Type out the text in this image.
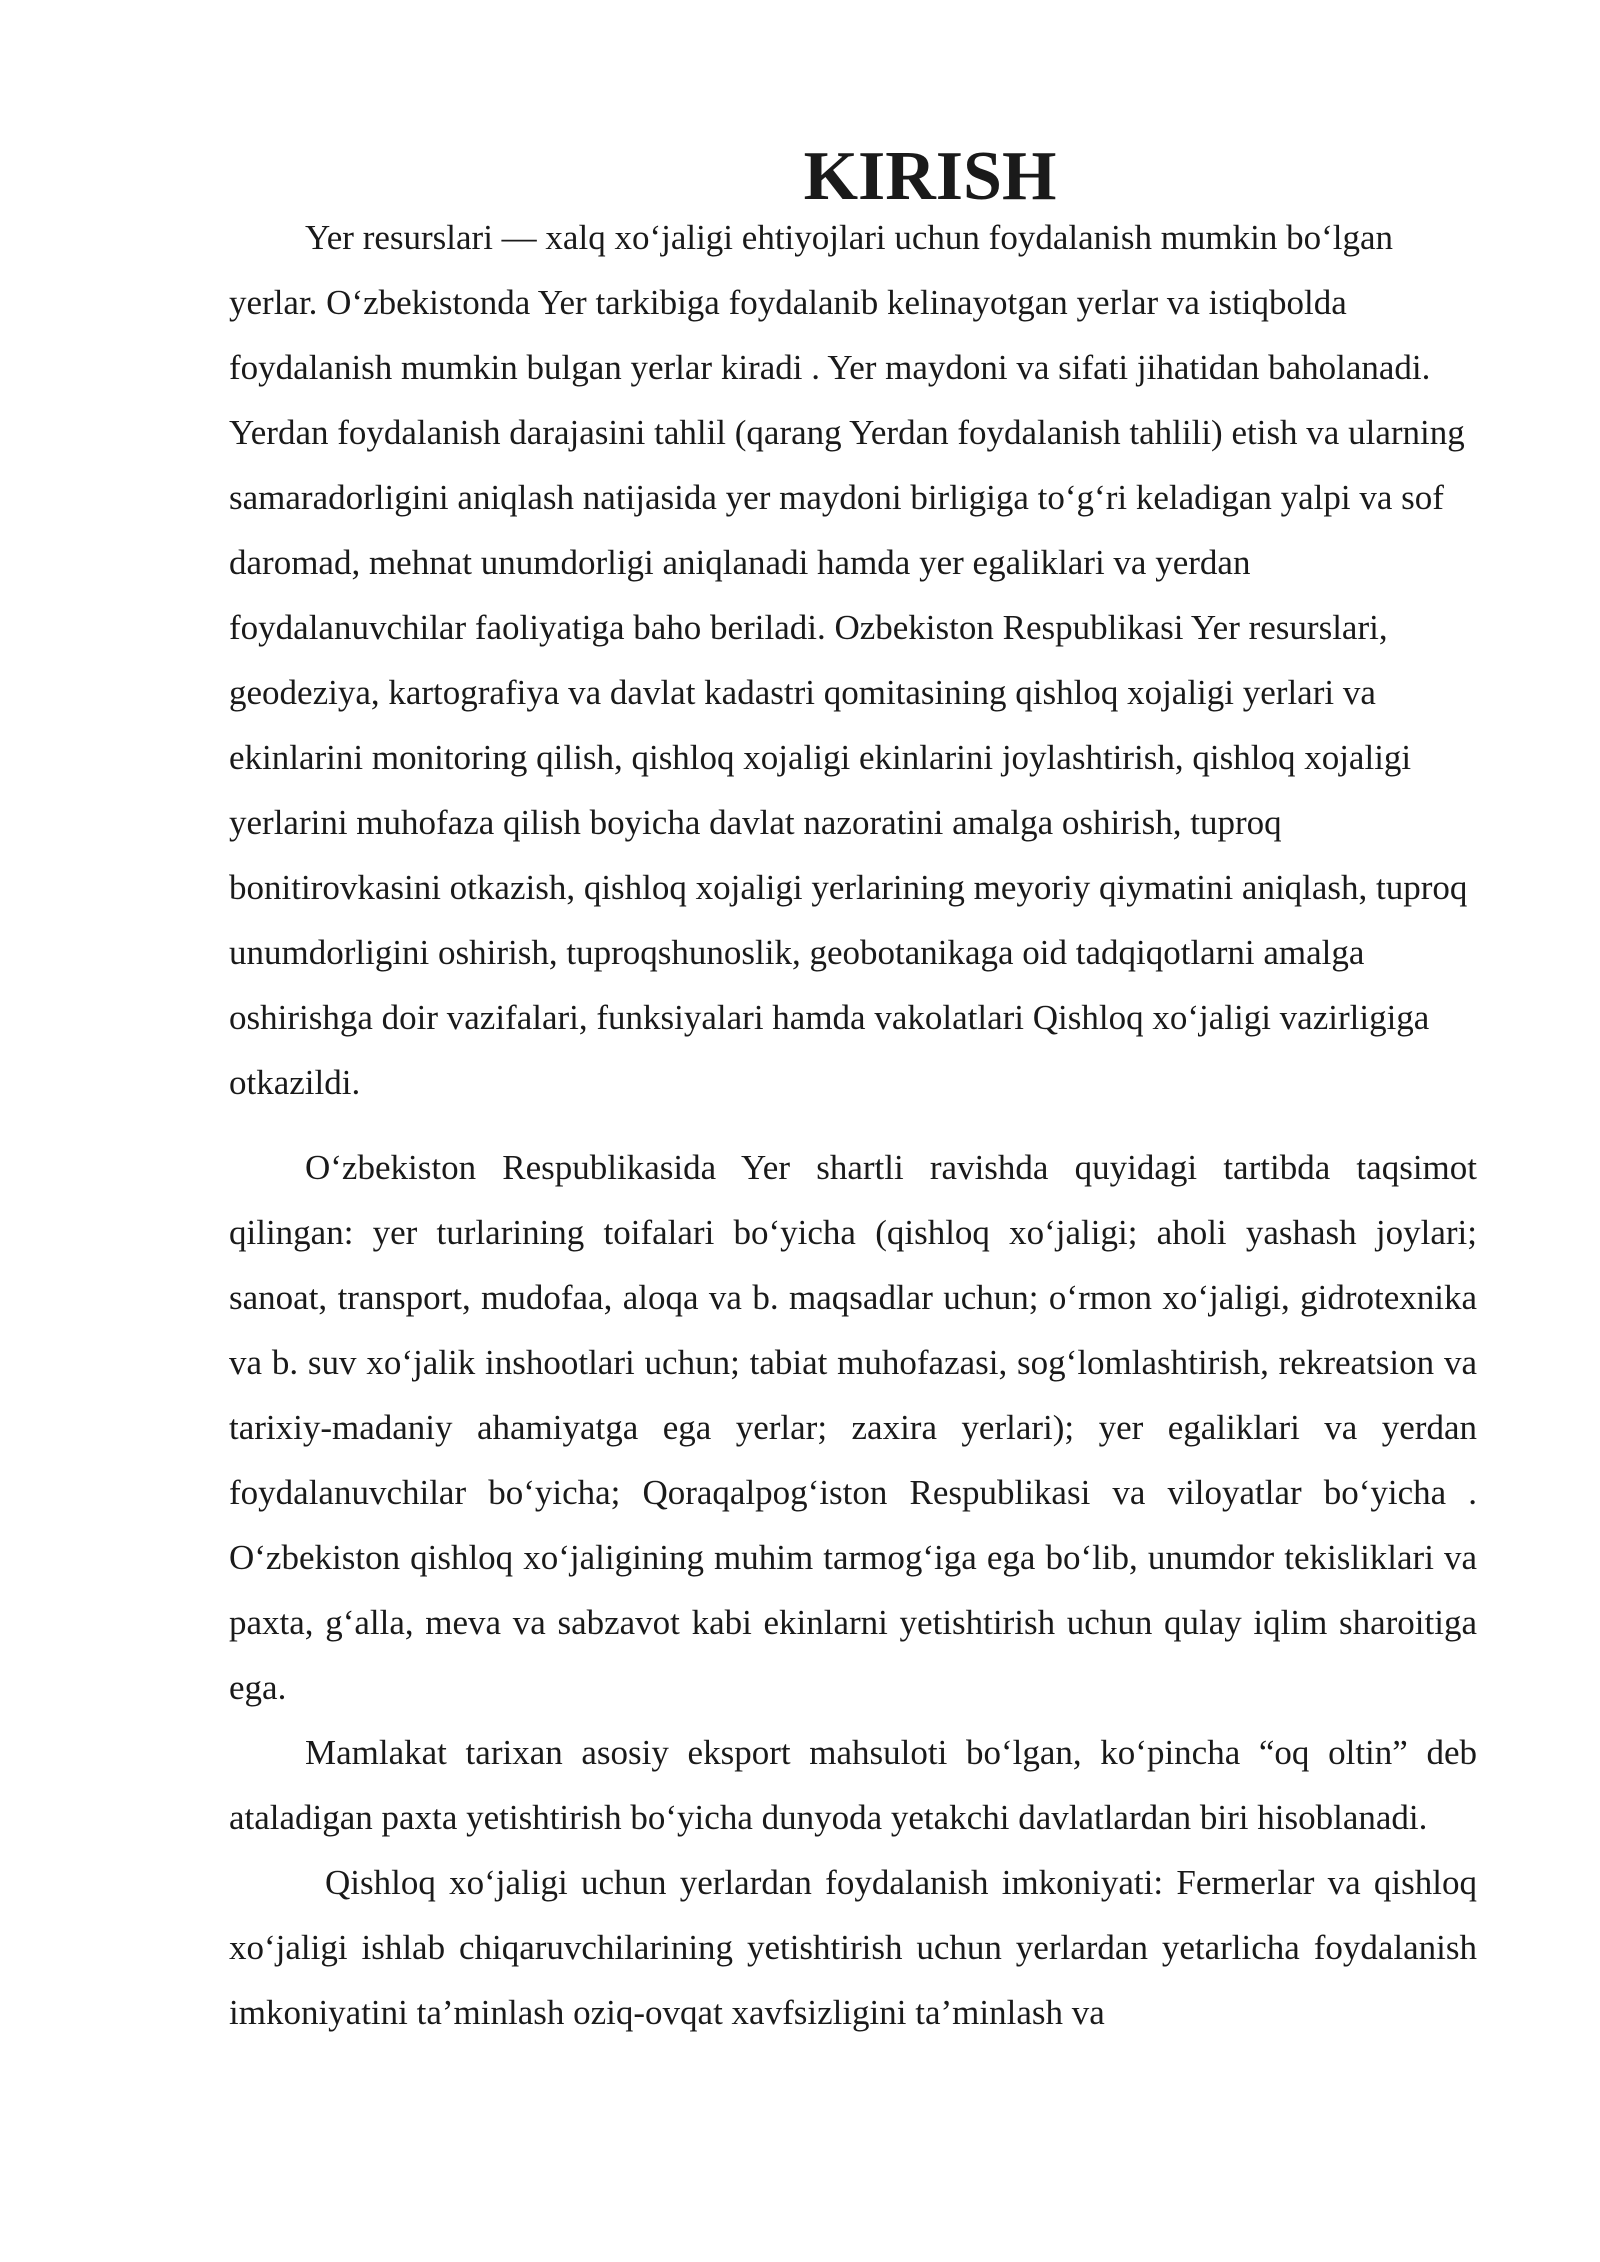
KIRISH

Yer resurslari — xalq xo‘jaligi ehtiyojlari uchun foydalanish mumkin bo‘lgan yerlar. O‘zbekistonda Yer tarkibiga foydalanib kelinayotgan yerlar va istiqbolda foydalanish mumkin bulgan yerlar kiradi . Yer maydoni va sifati jihatidan baholanadi. Yerdan foydalanish darajasini tahlil (qarang Yerdan foydalanish tahlili) etish va ularning samaradorligini aniqlash natijasida yer maydoni birligiga to‘g‘ri keladigan yalpi va sof daromad, mehnat unumdorligi aniqlanadi hamda yer egaliklari va yerdan foydalanuvchilar faoliyatiga baho beriladi. Ozbekiston Respublikasi Yer resurslari, geodeziya, kartografiya va davlat kadastri qomitasining qishloq xojaligi yerlari va ekinlarini monitoring qilish, qishloq xojaligi ekinlarini joylashtirish, qishloq xojaligi yerlarini muhofaza qilish boyicha davlat nazoratini amalga oshirish, tuproq bonitirovkasini otkazish, qishloq xojaligi yerlarining meyoriy qiymatini aniqlash, tuproq unumdorligini oshirish, tuproqshunoslik, geobotanikaga oid tadqiqotlarni amalga oshirishga doir vazifalari, funksiyalari hamda vakolatlari Qishloq xo‘jaligi vazirligiga otkazildi.

O‘zbekiston Respublikasida Yer shartli ravishda quyidagi tartibda taqsimot qilingan: yer turlarining toifalari bo‘yicha (qishloq xo‘jaligi; aholi yashash joylari; sanoat, transport, mudofaa, aloqa va b. maqsadlar uchun; o‘rmon xo‘jaligi, gidrotexnika va b. suv xo‘jalik inshootlari uchun; tabiat muhofazasi, sog‘lomlashtirish, rekreatsion va tarixiy-madaniy ahamiyatga ega yerlar; zaxira yerlari); yer egaliklari va yerdan foydalanuvchilar bo‘yicha; Qoraqalpog‘iston Respublikasi va viloyatlar bo‘yicha . O‘zbekiston qishloq xo‘jaligining muhim tarmog‘iga ega bo‘lib, unumdor tekisliklari va paxta, g‘alla, meva va sabzavot kabi ekinlarni yetishtirish uchun qulay iqlim sharoitiga ega.

Mamlakat tarixan asosiy eksport mahsuloti bo‘lgan, ko‘pincha “oq oltin” deb ataladigan paxta yetishtirish bo‘yicha dunyoda yetakchi davlatlardan biri hisoblanadi.

Qishloq xo‘jaligi uchun yerlardan foydalanish imkoniyati: Fermerlar va qishloq xo‘jaligi ishlab chiqaruvchilarining yetishtirish uchun yerlardan yetarlicha foydalanish imkoniyatini ta’minlash oziq-ovqat xavfsizligini ta’minlash va
